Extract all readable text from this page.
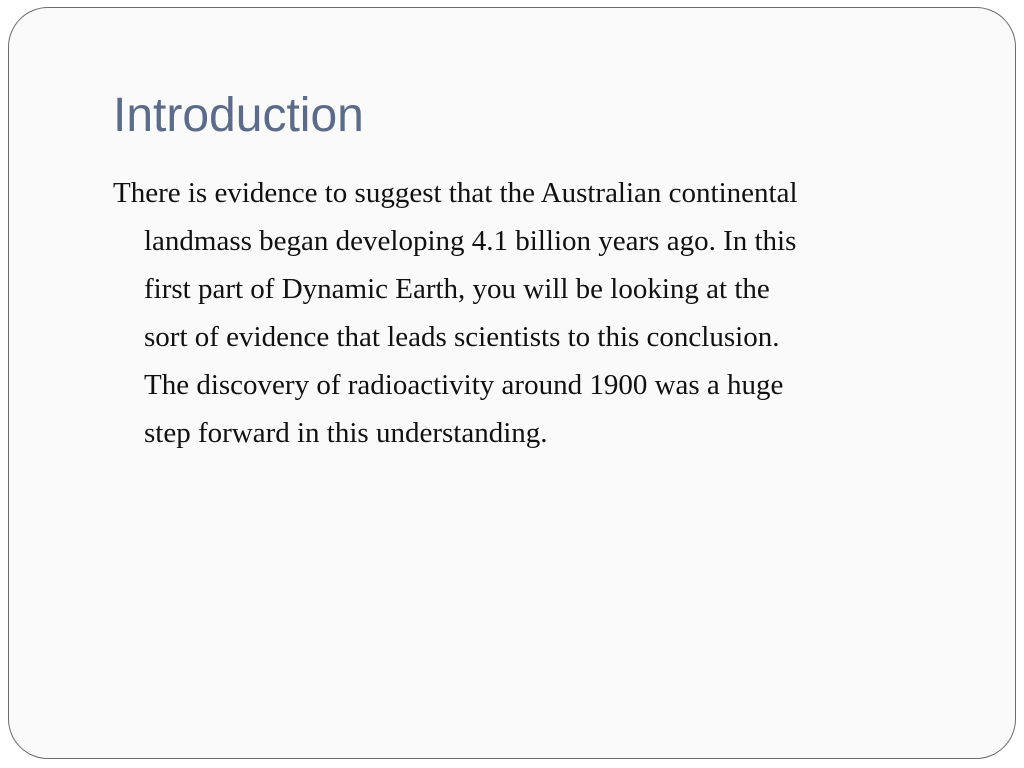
Introduction

There is evidence to suggest that the Australian continental
landmass began developing 4.1 billion years ago. In this
first part of Dynamic Earth, you will be looking at the
sort of evidence that leads scientists to this conclusion.
The discovery of radioactivity around 1900 was a huge
step forward in this understanding.
